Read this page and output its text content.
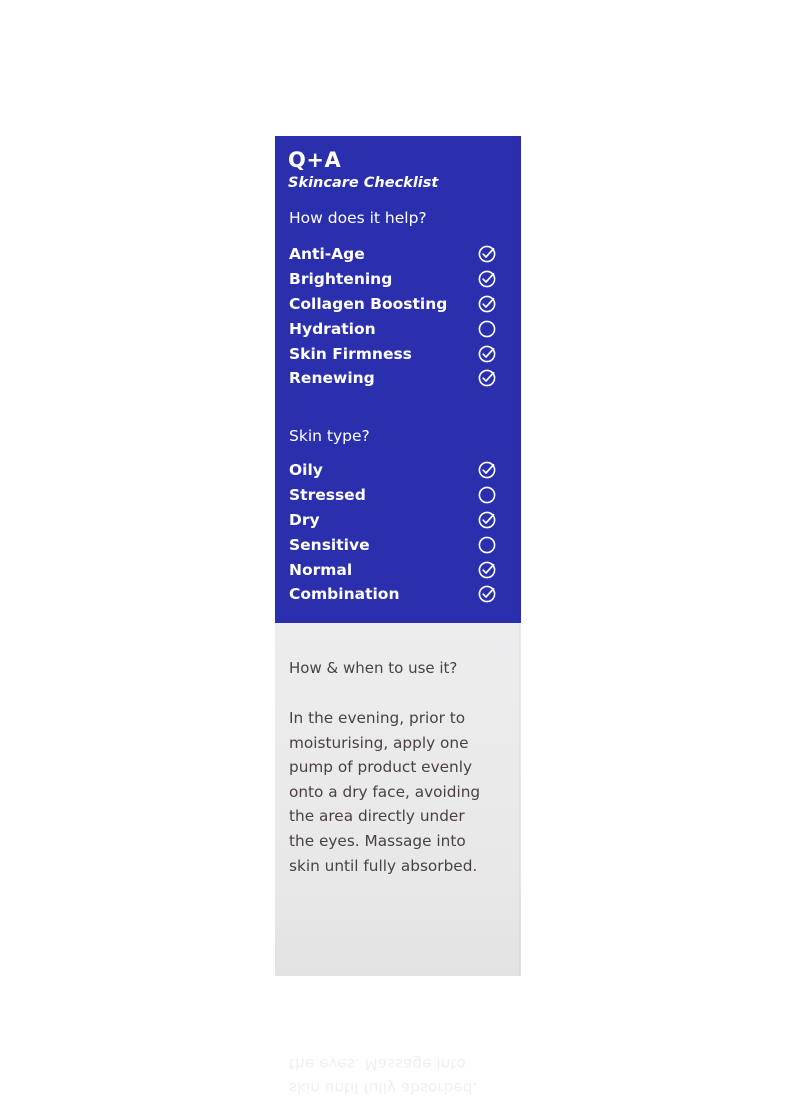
Q+A
Skincare Checklist
How does it help?
Anti-Age
Brightening
Collagen Boosting
Hydration
Skin Firmness
Renewing
Skin type?
Oily
Stressed
Dry
Sensitive
Normal
Combination
How & when to use it?
In the evening, prior to
moisturising, apply one
pump of product evenly
onto a dry face, avoiding
the area directly under
the eyes. Massage into
skin until fully absorbed.
skin until fully absorbed.
the eyes. Massage into
